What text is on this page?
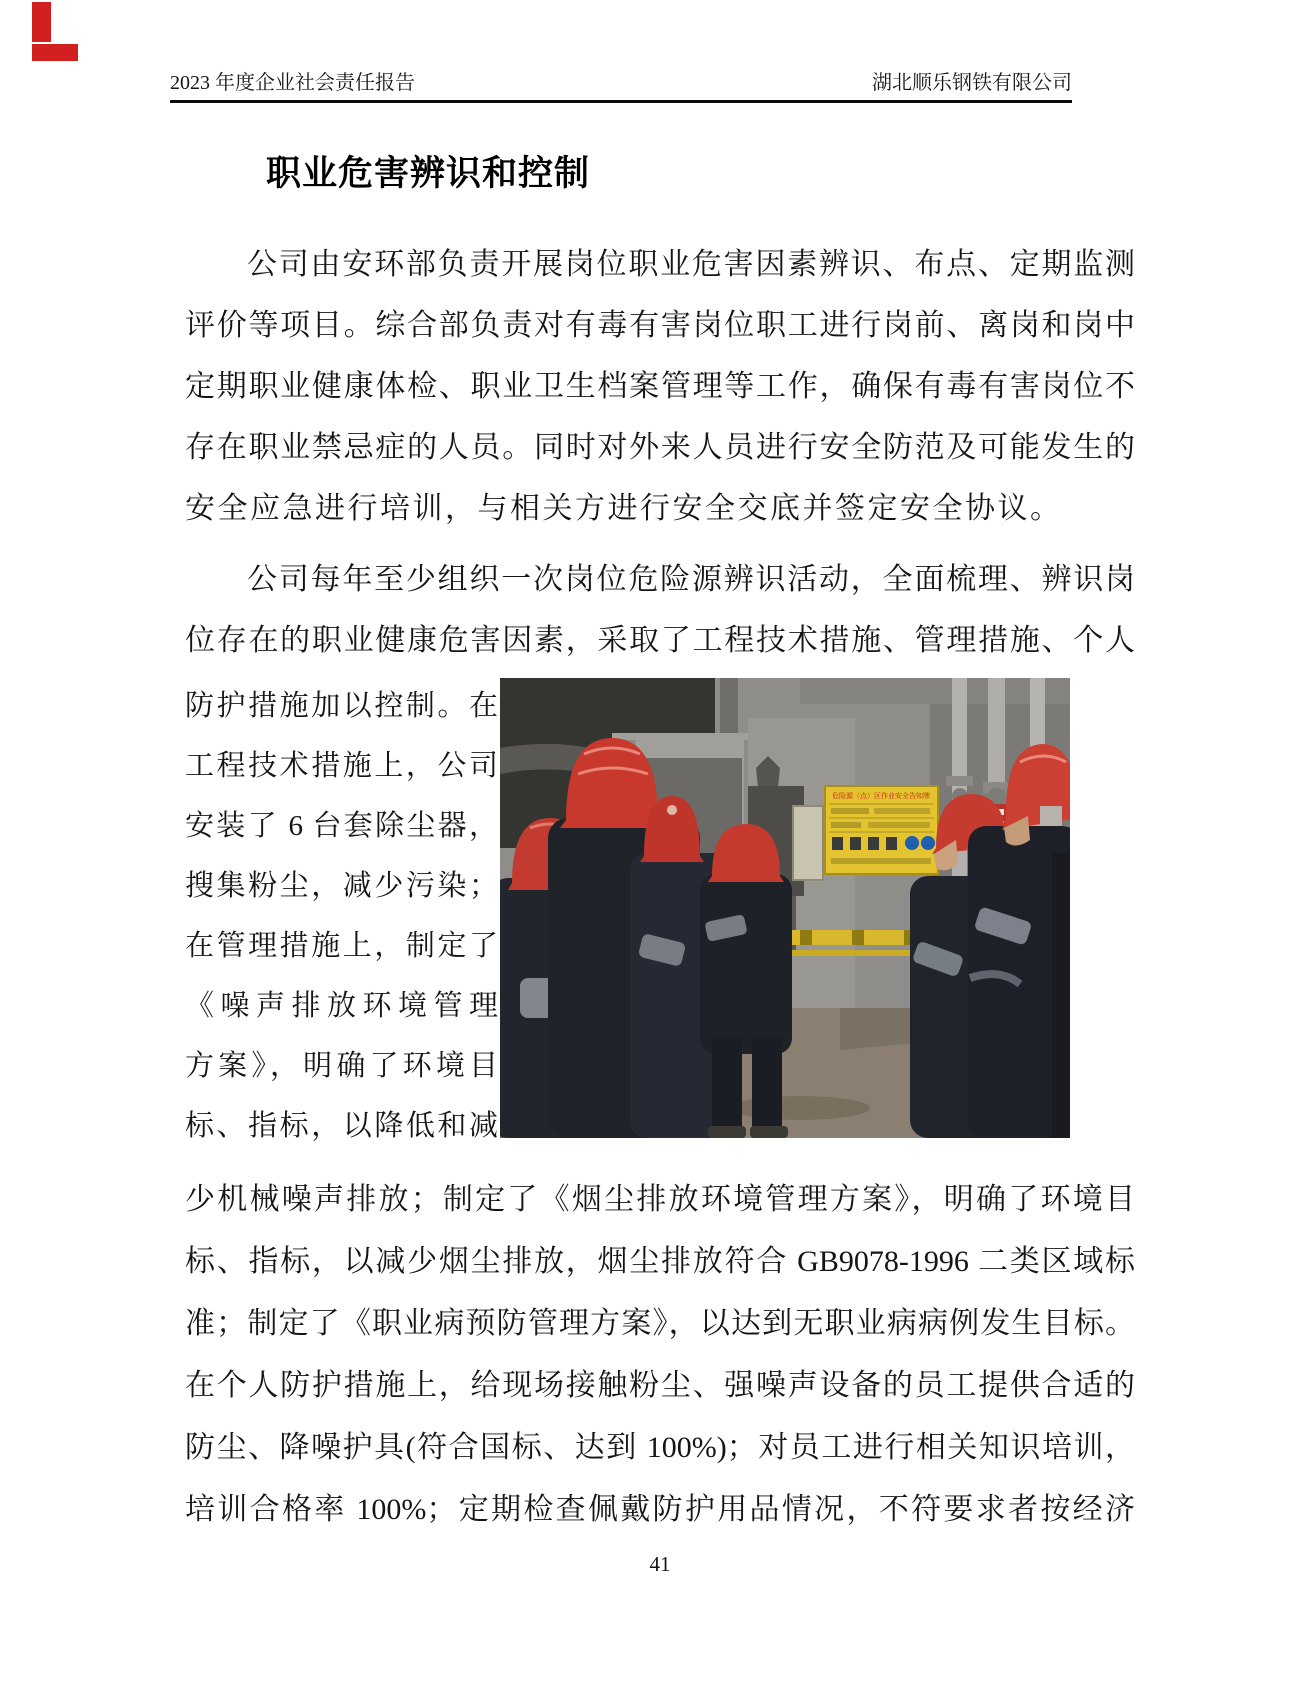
2023 年度企业社会责任报告	湖北顺乐钢铁有限公司
职业危害辨识和控制
公司由安环部负责开展岗位职业危害因素辨识、布点、定期监测
评价等项目。综合部负责对有毒有害岗位职工进行岗前、离岗和岗中
定期职业健康体检、职业卫生档案管理等工作，确保有毒有害岗位不
存在职业禁忌症的人员。同时对外来人员进行安全防范及可能发生的
安全应急进行培训，与相关方进行安全交底并签定安全协议。
公司每年至少组织一次岗位危险源辨识活动，全面梳理、辨识岗
位存在的职业健康危害因素，采取了工程技术措施、管理措施、个人
防护措施加以控制。在
工程技术措施上，公司
安装了 6 台套除尘器，
搜集粉尘，减少污染；
在管理措施上，制定了
《噪声排放环境管理
方案》，明确了环境目
标、指标，以降低和减
危险源（点）区作业安全告知牌
少机械噪声排放；制定了《烟尘排放环境管理方案》，明确了环境目
标、指标，以减少烟尘排放，烟尘排放符合 GB9078-1996 二类区域标
准；制定了《职业病预防管理方案》，以达到无职业病病例发生目标。
在个人防护措施上，给现场接触粉尘、强噪声设备的员工提供合适的
防尘、降噪护具(符合国标、达到 100%)；对员工进行相关知识培训，
培训合格率 100%；定期检查佩戴防护用品情况，不符要求者按经济
41
